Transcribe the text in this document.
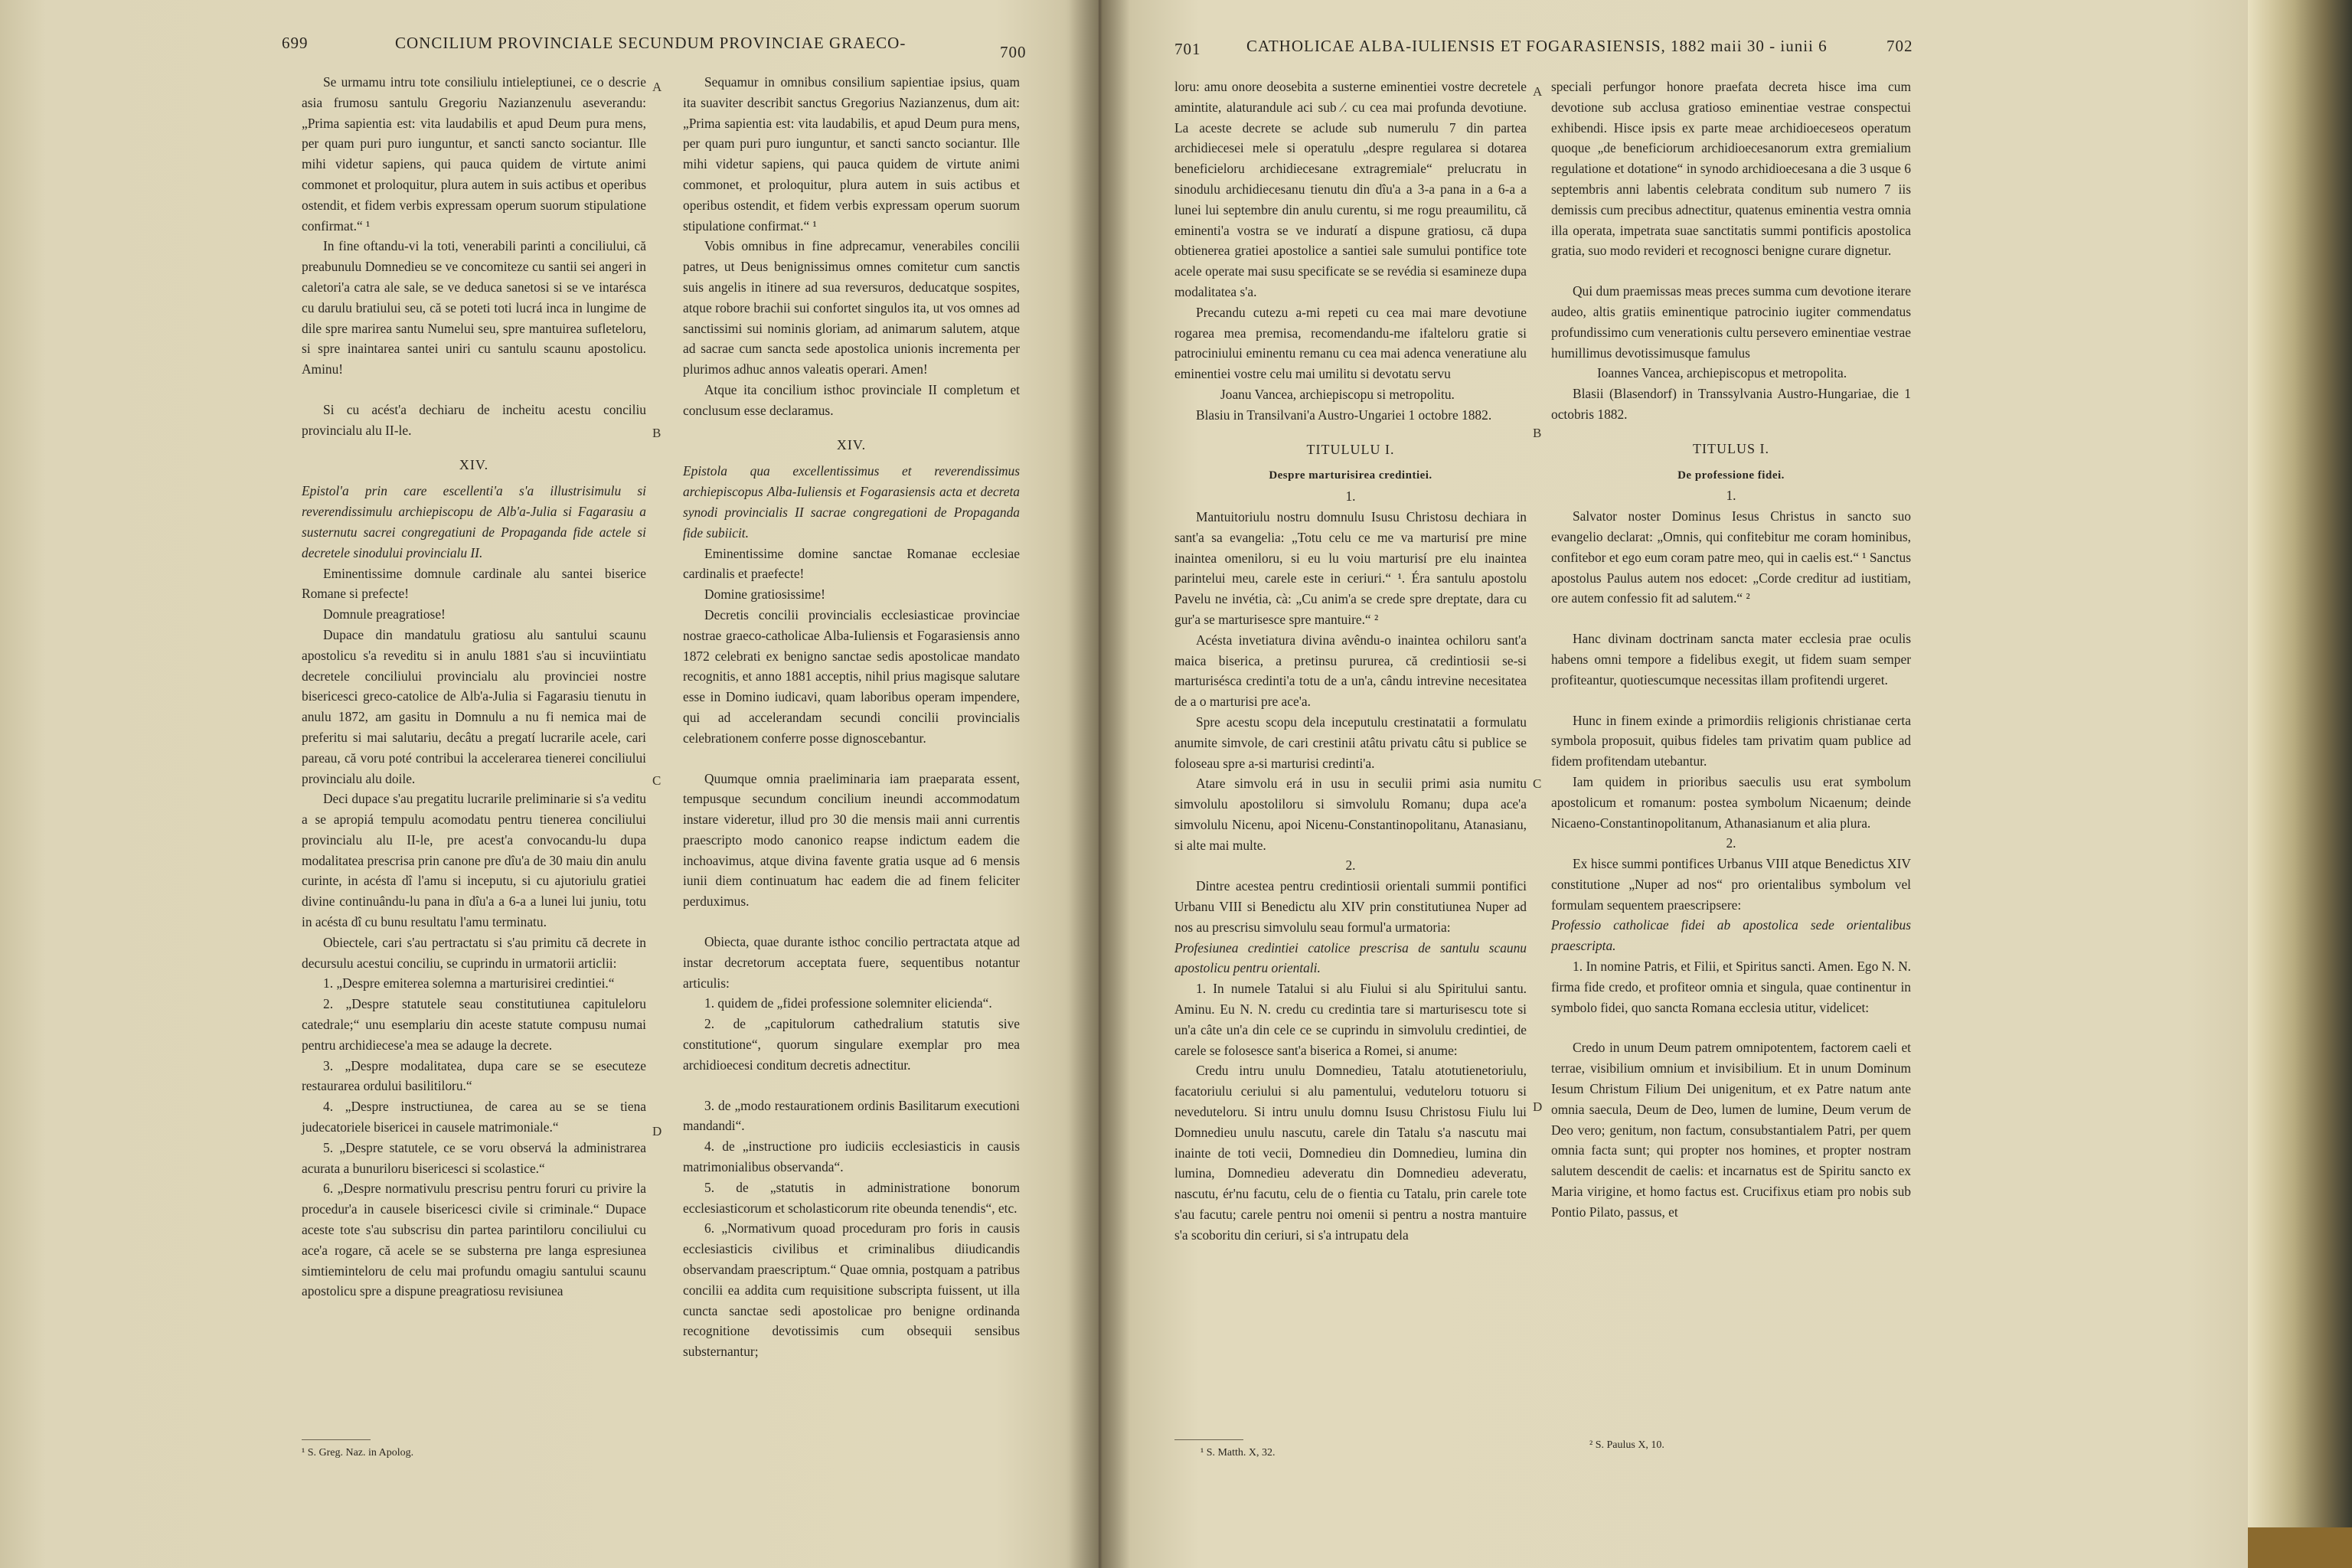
699	CONCILIUM PROVINCIALE SECUNDUM PROVINCIAE GRAECO-	700

Se urmamu intru tote consiliulu intieleptiunei, ce o descrie asia frumosu santulu Gregoriu Nazianzenulu aseverandu: „Prima sapientia est: vita laudabilis et apud Deum pura mens, per quam puri puro iunguntur, et sancti sancto sociantur. Ille mihi videtur sapiens, qui pauca quidem de virtute animi commonet et proloquitur, plura autem in suis actibus et operibus ostendit, et fidem verbis expressam operum suorum stipulatione confirmat.“ ¹

In fine oftandu-vi la toti, venerabili parinti a conciliului, că preabunulu Domnedieu se ve concomiteze cu santii sei angeri in caletori'a catra ale sale, se ve deduca sanetosi si se ve intarésca cu darulu bratiului seu, că se poteti toti lucrá inca in lungime de dile spre marirea santu Numelui seu, spre mantuirea sufleteloru, si spre inaintarea santei uniri cu santulu scaunu apostolicu. Aminu!

Si cu acést'a dechiaru de incheitu acestu conciliu provincialu alu II-le.

XIV.

Epistol'a prin care escellenti'a s'a illustrisimulu si reverendissimulu archiepiscopu de Alb'a-Julia si Fagarasiu a susternutu sacrei congregatiuni de Propaganda fide actele si decretele sinodului provincialu II.

Eminentissime domnule cardinale alu santei biserice Romane si prefecte!

Domnule preagratiose!

Dupace din mandatulu gratiosu alu santului scaunu apostolicu s'a reveditu si in anulu 1881 s'au si incuviintiatu decretele conciliului provincialu alu provinciei nostre bisericesci greco-catolice de Alb'a-Julia si Fagarasiu tienutu in anulu 1872, am gasitu in Domnulu a nu fi nemica mai de preferitu si mai salutariu, decâtu a pregatí lucrarile acele, cari pareau, că voru poté contribui la accelerarea tienerei conciliului provincialu alu doile.

Deci dupace s'au pregatitu lucrarile preliminarie si s'a veditu a se apropiá tempulu acomodatu pentru tienerea conciliului provincialu alu II-le, pre acest'a convocandu-lu dupa modalitatea prescrisa prin canone pre dîu'a de 30 maiu din anulu curinte, in acésta dî l'amu si inceputu, si cu ajutoriulu gratiei divine continuându-lu pana in dîu'a a 6-a a lunei lui juniu, totu in acésta dî cu bunu resultatu l'amu terminatu.

Obiectele, cari s'au pertractatu si s'au primitu că decrete in decursulu acestui conciliu, se cuprindu in urmatorii articlii:

1. „Despre emiterea solemna a marturisirei credintiei.“

2. „Despre statutele seau constitutiunea capituleloru catedrale;“ unu esemplariu din aceste statute compusu numai pentru archidiecese'a mea se adauge la decrete.

3. „Despre modalitatea, dupa care se se esecuteze restaurarea ordului basilitiloru.“

4. „Despre instructiunea, de carea au se se tiena judecatoriele bisericei in causele matrimoniale.“

5. „Despre statutele, ce se voru observá la administrarea acurata a bunuriloru bisericesci si scolastice.“

6. „Despre normativulu prescrisu pentru foruri cu privire la procedur'a in causele bisericesci civile si criminale.“ Dupace aceste tote s'au subscrisu din partea parintiloru conciliului cu ace'a rogare, că acele se se substerna pre langa espresiunea simtieminteloru de celu mai profundu omagiu santului scaunu apostolicu spre a dispune preagratiosu revisiunea

Sequamur in omnibus consilium sapientiae ipsius, quam ita suaviter describit sanctus Gregorius Nazianzenus, dum ait: „Prima sapientia est: vita laudabilis, et apud Deum pura mens, per quam puri puro iunguntur, et sancti sancto sociantur. Ille mihi videtur sapiens, qui pauca quidem de virtute animi commonet, et proloquitur, plura autem in suis actibus et operibus ostendit, et fidem verbis expressam operum suorum stipulatione confirmat.“ ¹

Vobis omnibus in fine adprecamur, venerabiles concilii patres, ut Deus benignissimus omnes comitetur cum sanctis suis angelis in itinere ad sua reversuros, deducatque sospites, atque robore brachii sui confortet singulos ita, ut vos omnes ad sanctissimi sui nominis gloriam, ad animarum salutem, atque ad sacrae cum sancta sede apostolica unionis incrementa per plurimos adhuc annos valeatis operari. Amen!

Atque ita concilium isthoc provinciale II completum et conclusum esse declaramus.

XIV.

Epistola qua excellentissimus et reverendissimus archiepiscopus Alba-Iuliensis et Fogarasiensis acta et decreta synodi provincialis II sacrae congregationi de Propaganda fide subiicit.

Eminentissime domine sanctae Romanae ecclesiae cardinalis et praefecte!

Domine gratiosissime!

Decretis concilii provincialis ecclesiasticae provinciae nostrae graeco-catholicae Alba-Iuliensis et Fogarasiensis anno 1872 celebrati ex benigno sanctae sedis apostolicae mandato recognitis, et anno 1881 acceptis, nihil prius magisque salutare esse in Domino iudicavi, quam laboribus operam impendere, qui ad accelerandam secundi concilii provincialis celebrationem conferre posse dignoscebantur.

Quumque omnia praeliminaria iam praeparata essent, tempusque secundum concilium ineundi accommodatum instare videretur, illud pro 30 die mensis maii anni currentis praescripto modo canonico reapse indictum eadem die inchoavimus, atque divina favente gratia usque ad 6 mensis iunii diem continuatum hac eadem die ad finem feliciter perduximus.

Obiecta, quae durante isthoc concilio pertractata atque ad instar decretorum acceptata fuere, sequentibus notantur articulis:

1. quidem de „fidei professione solemniter eliciendа“.

2. de „capitulorum cathedralium statutis sive constitutione“, quorum singulare exemplar pro mea archidioecesi conditum decretis adnectitur.

3. de „modo restaurationem ordinis Basilitarum executioni mandandi“.

4. de „instructione pro iudiciis ecclesiasticis in causis matrimonialibus observanda“.

5. de „statutis in administratione bonorum ecclesiasticorum et scholasticorum rite obeunda tenendis“, etc.

6. „Normativum quoad proceduram pro foris in causis ecclesiasticis civilibus et criminalibus diiudicandis observandam praescriptum.“ Quae omnia, postquam a patribus concilii ea addita cum requisitione subscripta fuissent, ut illa cuncta sanctae sedi apostolicae pro benigne ordinanda recognitione devotissimis cum obsequii sensibus substernantur;

A
B
C
D
¹ S. Greg. Naz. in Apolog.
701	CATHOLICAE ALBA-IULIENSIS ET FOGARASIENSIS, 1882 maii 30 - iunii 6	702

loru: amu onore deosebita a susterne eminentiei vostre decretele amintite, alaturandule aci sub ⁄. cu cea mai profunda devotiune. La aceste decrete se aclude sub numerulu 7 din partea archidiecesei mele si operatulu „despre regularea si dotarea beneficieloru archidiecesane extragremiale“ prelucratu in sinodulu archidiecesanu tienutu din dîu'a a 3-a pana in a 6-a a lunei lui septembre din anulu curentu, si me rogu preaumilitu, că eminenti'a vostra se ve induratí a dispune gratiosu, că dupa obtienerea gratiei apostolice a santiei sale sumului pontifice tote acele operate mai susu specificate se se revédia si esamineze dupa modalitatea s'a.

Precandu cutezu a-mi repeti cu cea mai mare devotiune rogarea mea premisa, recomendandu-me ifalteloru gratie si patrociniului eminentu remanu cu cea mai adenca veneratiune alu eminentiei vostre celu mai umilitu si devotatu servu

Joanu Vancea, archiepiscopu si metropolitu.

Blasiu in Transilvani'a Austro-Ungariei 1 octobre 1882.

TITULULU I.

Despre marturisirea credintiei.

1.

Mantuitoriulu nostru domnulu Isusu Christosu dechiara in sant'a sa evangelia: „Totu celu ce me va marturisí pre mine inaintea omeniloru, si eu lu voiu marturisí pre elu inaintea parintelui meu, carele este in ceriuri.“ ¹. Éra santulu apostolu Pavelu ne invétia, cà: „Cu anim'a se crede spre dreptate, dara cu gur'a se marturisesce spre mantuire.“ ²

Acésta invetiatura divina avêndu-o inaintea ochiloru sant'a maica biserica, a pretinsu pururea, că credintiosii se-si marturisésca credinti'a totu de a un'a, cându intrevine necesitatea de a o marturisi pre ace'a.

Spre acestu scopu dela inceputulu crestinatatii a formulatu anumite simvole, de cari crestinii atâtu privatu câtu si publice se foloseau spre a-si marturisi credinti'a.

Atare simvolu erá in usu in seculii primi asia numitu simvolulu apostoliloru si simvolulu Romanu; dupa ace'a simvolulu Nicenu, apoi Nicenu-Constantinopolitanu, Atanasianu, si alte mai multe.

2.

Dintre acestea pentru credintiosii orientali summii pontifici Urbanu VIII si Benedictu alu XIV prin constitutiunea Nuper ad nos au prescrisu simvolulu seau formul'a urmatoria:

Profesiunea credintiei catolice prescrisa de santulu scaunu apostolicu pentru orientali.

1. In numele Tatalui si alu Fiului si alu Spiritului santu. Aminu. Eu N. N. credu cu credintia tare si marturisescu tote si un'a câte un'a din cele ce se cuprindu in simvolulu credintiei, de carele se folosesce sant'a biserica a Romei, si anume:

Credu intru unulu Domnedieu, Tatalu atotutienetoriulu, facatoriulu ceriului si alu pamentului, veduteloru totuoru si neveduteloru. Si intru unulu domnu Isusu Christosu Fiulu lui Domnedieu unulu nascutu, carele din Tatalu s'a nascutu mai inainte de toti vecii, Domnedieu din Domnedieu, lumina din lumina, Domnedieu adeveratu din Domnedieu adeveratu, nascutu, ér'nu facutu, celu de o fientia cu Tatalu, prin carele tote s'au facutu; carele pentru noi omenii si pentru a nostra mantuire s'a scoboritu din ceriuri, si s'a intrupatu dela

speciali perfungor honore praefata decreta hisce ima cum devotione sub acclusa gratioso eminentiae vestrae conspectui exhibendi. Hisce ipsis ex parte meae archidioeceseos operatum quoque „de beneficiorum archidioecesanorum extra gremialium regulatione et dotatione“ in synodo archidioecesana a die 3 usque 6 septembris anni labentis celebrata conditum sub numero 7 iis demissis cum precibus adnectitur, quatenus eminentia vestra omnia illa operata, impetrata suae sanctitatis summi pontificis apostolica gratia, suo modo revideri et recognosci benigne curare dignetur.

Qui dum praemissas meas preces summa cum devotione iterare audeo, altis gratiis eminentique patrocinio iugiter commendatus profundissimo cum venerationis cultu persevero eminentiae vestrae humillimus devotissimusque famulus

Ioannes Vancea, archiepiscopus et metropolita.

Blasii (Blasendorf) in Transsylvania Austro-Hungariae, die 1 octobris 1882.

TITULUS I.

De professione fidei.

1.

Salvator noster Dominus Iesus Christus in sancto suo evangelio declarat: „Omnis, qui confitebitur me coram hominibus, confitebor et ego eum coram patre meo, qui in caelis est.“ ¹ Sanctus apostolus Paulus autem nos edocet: „Corde creditur ad iustitiam, ore autem confessio fit ad salutem.“ ²

Hanc divinam doctrinam sancta mater ecclesia prae oculis habens omni tempore a fidelibus exegit, ut fidem suam semper profiteantur, quotiescumque necessitas illam profitendi urgeret.

Hunc in finem exinde a primordiis religionis christianae certa symbola proposuit, quibus fideles tam privatim quam publice ad fidem profitendam utebantur.

Iam quidem in prioribus saeculis usu erat symbolum apostolicum et romanum: postea symbolum Nicaenum; deinde Nicaeno-Constantinopolitanum, Athanasianum et alia plura.

2.

Ex hisce summi pontifices Urbanus VIII atque Benedictus XIV constitutione „Nuper ad nos“ pro orientalibus symbolum vel formulam sequentem praescripsere:

Professio catholicae fidei ab apostolica sede orientalibus praescripta.

1. In nomine Patris, et Filii, et Spiritus sancti. Amen. Ego N. N. firma fide credo, et profiteor omnia et singula, quae continentur in symbolo fidei, quo sancta Romana ecclesia utitur, videlicet:

Credo in unum Deum patrem omnipotentem, factorem caeli et terrae, visibilium omnium et invisibilium. Et in unum Dominum Iesum Christum Filium Dei unigenitum, et ex Patre natum ante omnia saecula, Deum de Deo, lumen de lumine, Deum verum de Deo vero; genitum, non factum, consubstantialem Patri, per quem omnia facta sunt; qui propter nos homines, et propter nostram salutem descendit de caelis: et incarnatus est de Spiritu sancto ex Maria virigine, et homo factus est. Crucifixus etiam pro nobis sub Pontio Pilato, passus, et

A
B
C
D
¹ S. Matth. X, 32.
² S. Paulus X, 10.
